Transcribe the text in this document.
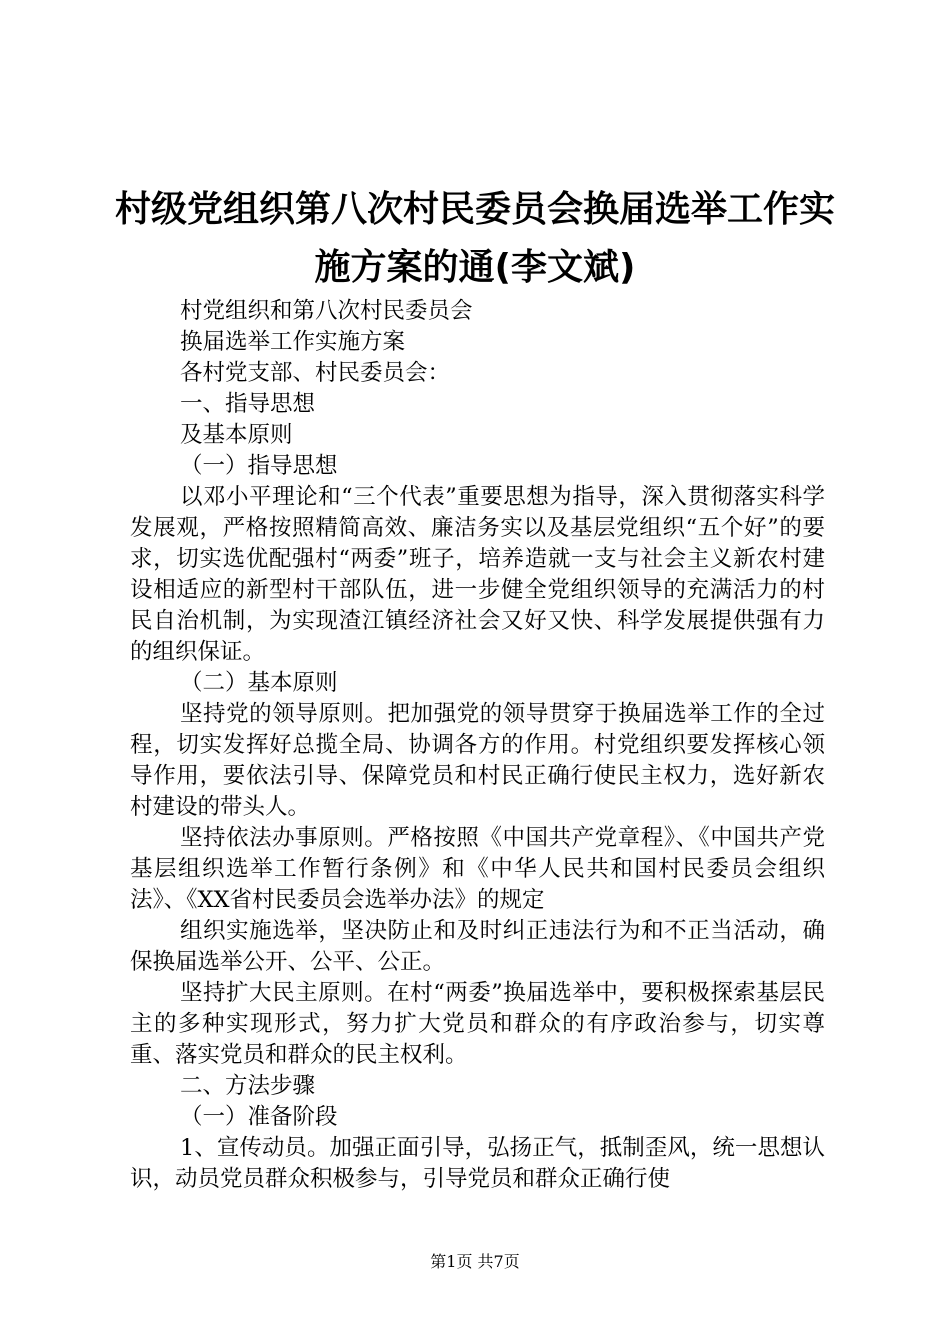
村级党组织第八次村民委员会换届选举工作实
施方案的通(李文斌)

村党组织和第八次村民委员会

换届选举工作实施方案

各村党支部、村民委员会：

一、指导思想

及基本原则

（一）指导思想

以邓小平理论和“三个代表”重要思想为指导，深入贯彻落实科学发展观，严格按照精简高效、廉洁务实以及基层党组织“五个好”的要求，切实选优配强村“两委”班子，培养造就一支与社会主义新农村建设相适应的新型村干部队伍，进一步健全党组织领导的充满活力的村民自治机制，为实现渣江镇经济社会又好又快、科学发展提供强有力的组织保证。

（二）基本原则

坚持党的领导原则。把加强党的领导贯穿于换届选举工作的全过程，切实发挥好总揽全局、协调各方的作用。村党组织要发挥核心领导作用，要依法引导、保障党员和村民正确行使民主权力，选好新农村建设的带头人。

坚持依法办事原则。严格按照《中国共产党章程》、《中国共产党基层组织选举工作暂行条例》和《中华人民共和国村民委员会组织法》、《XX省村民委员会选举办法》的规定

组织实施选举，坚决防止和及时纠正违法行为和不正当活动，确保换届选举公开、公平、公正。

坚持扩大民主原则。在村“两委”换届选举中，要积极探索基层民主的多种实现形式，努力扩大党员和群众的有序政治参与，切实尊重、落实党员和群众的民主权利。

二、方法步骤

（一）准备阶段

1、宣传动员。加强正面引导，弘扬正气，抵制歪风，统一思想认识，动员党员群众积极参与，引导党员和群众正确行使

第1页 共7页
